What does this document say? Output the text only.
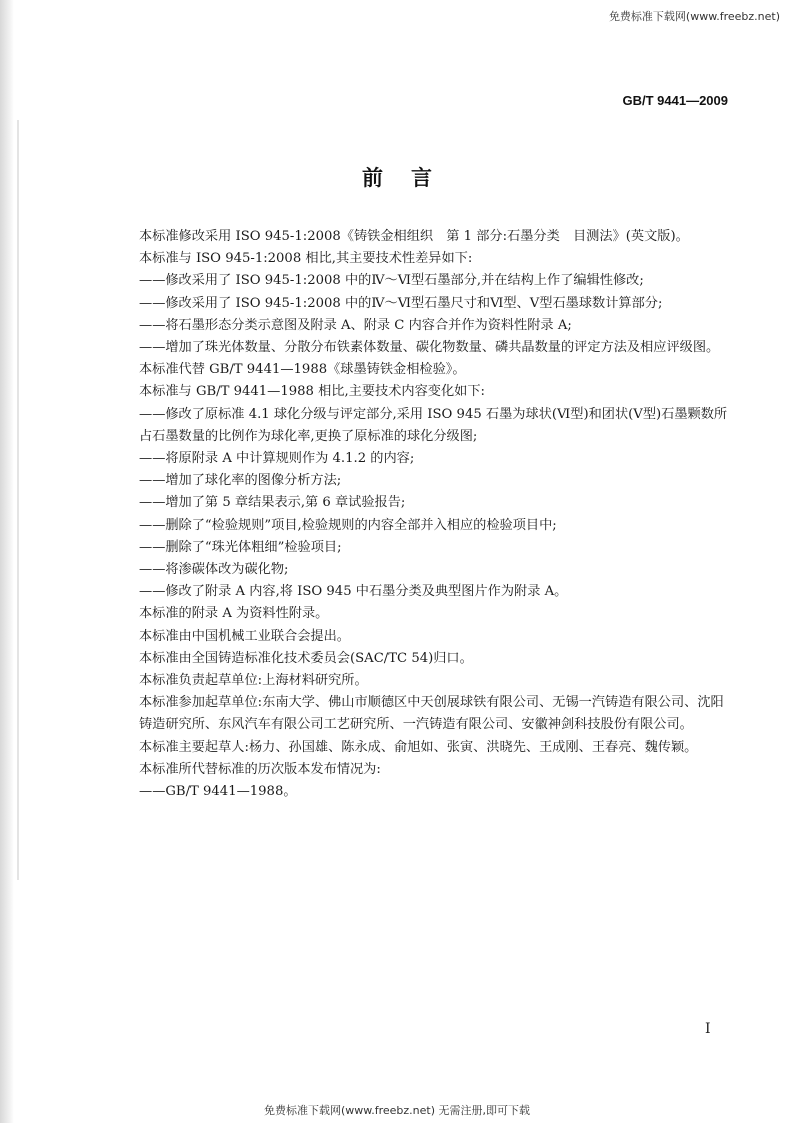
免费标准下载网(www.freebz.net)
GB/T 9441—2009
前言

本标准修改采用 ISO 945-1:2008《铸铁金相组织　第 1 部分:石墨分类　目测法》(英文版)。

本标准与 ISO 945-1:2008 相比,其主要技术性差异如下:

——修改采用了 ISO 945-1:2008 中的Ⅳ～Ⅵ型石墨部分,并在结构上作了编辑性修改;

——修改采用了 ISO 945-1:2008 中的Ⅳ～Ⅵ型石墨尺寸和Ⅵ型、Ⅴ型石墨球数计算部分;

——将石墨形态分类示意图及附录 A、附录 C 内容合并作为资料性附录 A;

——增加了珠光体数量、分散分布铁素体数量、碳化物数量、磷共晶数量的评定方法及相应评级图。

本标准代替 GB/T 9441—1988《球墨铸铁金相检验》。

本标准与 GB/T 9441—1988 相比,主要技术内容变化如下:

——修改了原标准 4.1 球化分级与评定部分,采用 ISO 945 石墨为球状(Ⅵ型)和团状(Ⅴ型)石墨颗数所占石墨数量的比例作为球化率,更换了原标准的球化分级图;

——将原附录 A 中计算规则作为 4.1.2 的内容;

——增加了球化率的图像分析方法;

——增加了第 5 章结果表示,第 6 章试验报告;

——删除了“检验规则”项目,检验规则的内容全部并入相应的检验项目中;

——删除了“珠光体粗细”检验项目;

——将渗碳体改为碳化物;

——修改了附录 A 内容,将 ISO 945 中石墨分类及典型图片作为附录 A。

本标准的附录 A 为资料性附录。

本标准由中国机械工业联合会提出。

本标准由全国铸造标准化技术委员会(SAC/TC 54)归口。

本标准负责起草单位:上海材料研究所。

本标准参加起草单位:东南大学、佛山市顺德区中天创展球铁有限公司、无锡一汽铸造有限公司、沈阳铸造研究所、东风汽车有限公司工艺研究所、一汽铸造有限公司、安徽神剑科技股份有限公司。

本标准主要起草人:杨力、孙国雄、陈永成、俞旭如、张寅、洪晓先、王成刚、王春亮、魏传颖。

本标准所代替标准的历次版本发布情况为:

——GB/T 9441—1988。

I
免费标准下载网(www.freebz.net) 无需注册,即可下载
